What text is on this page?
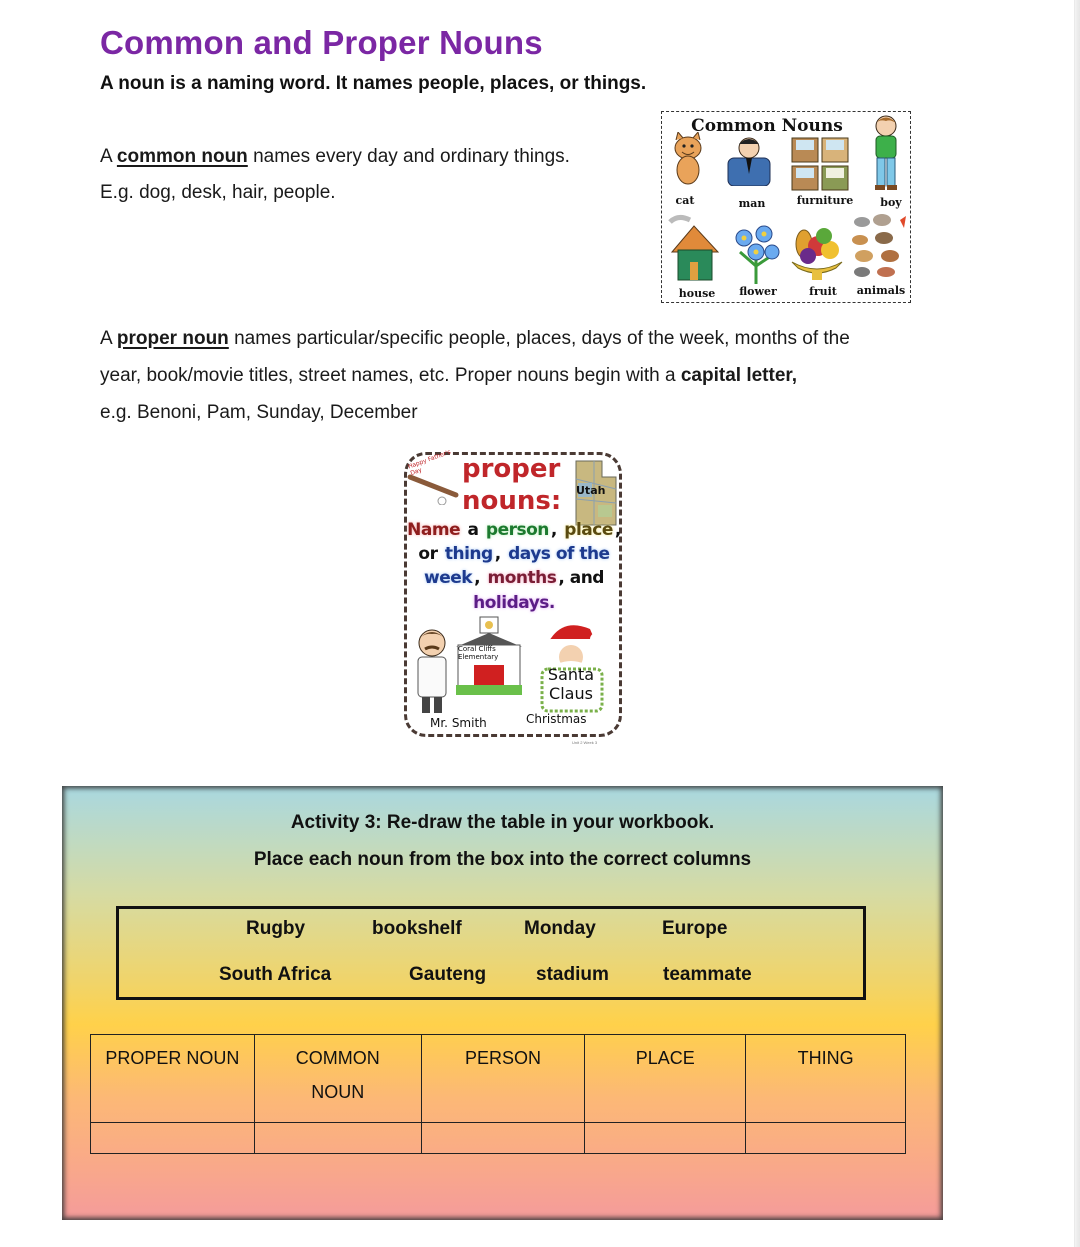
Common and Proper Nouns
A noun is a naming word. It names people, places, or things.
A common noun names every day and ordinary things.
E.g. dog, desk, hair, people.
Common Nouns
cat	man	furniture	boy
house	flower	fruit	animals
A proper noun names particular/specific people, places, days of the week, months of the
year, book/movie titles, street names, etc. Proper nouns begin with a capital letter,
e.g. Benoni, Pam, Sunday, December
Happy Father's Day
Utah
proper
nouns:
Name a person , place ,
or thing , days of the
week , months , and
holidays.
Coral Cliffs
Elementary
Santa
Claus
Mr. Smith	Christmas
Unit 2 Week 3
Activity 3: Re-draw the table in your workbook.
Place each noun from the box into the correct columns
Rugby	bookshelf	Monday	Europe
South Africa	Gauteng	stadium	teammate
PROPER NOUN	COMMON NOUN	PERSON	PLACE	THING
